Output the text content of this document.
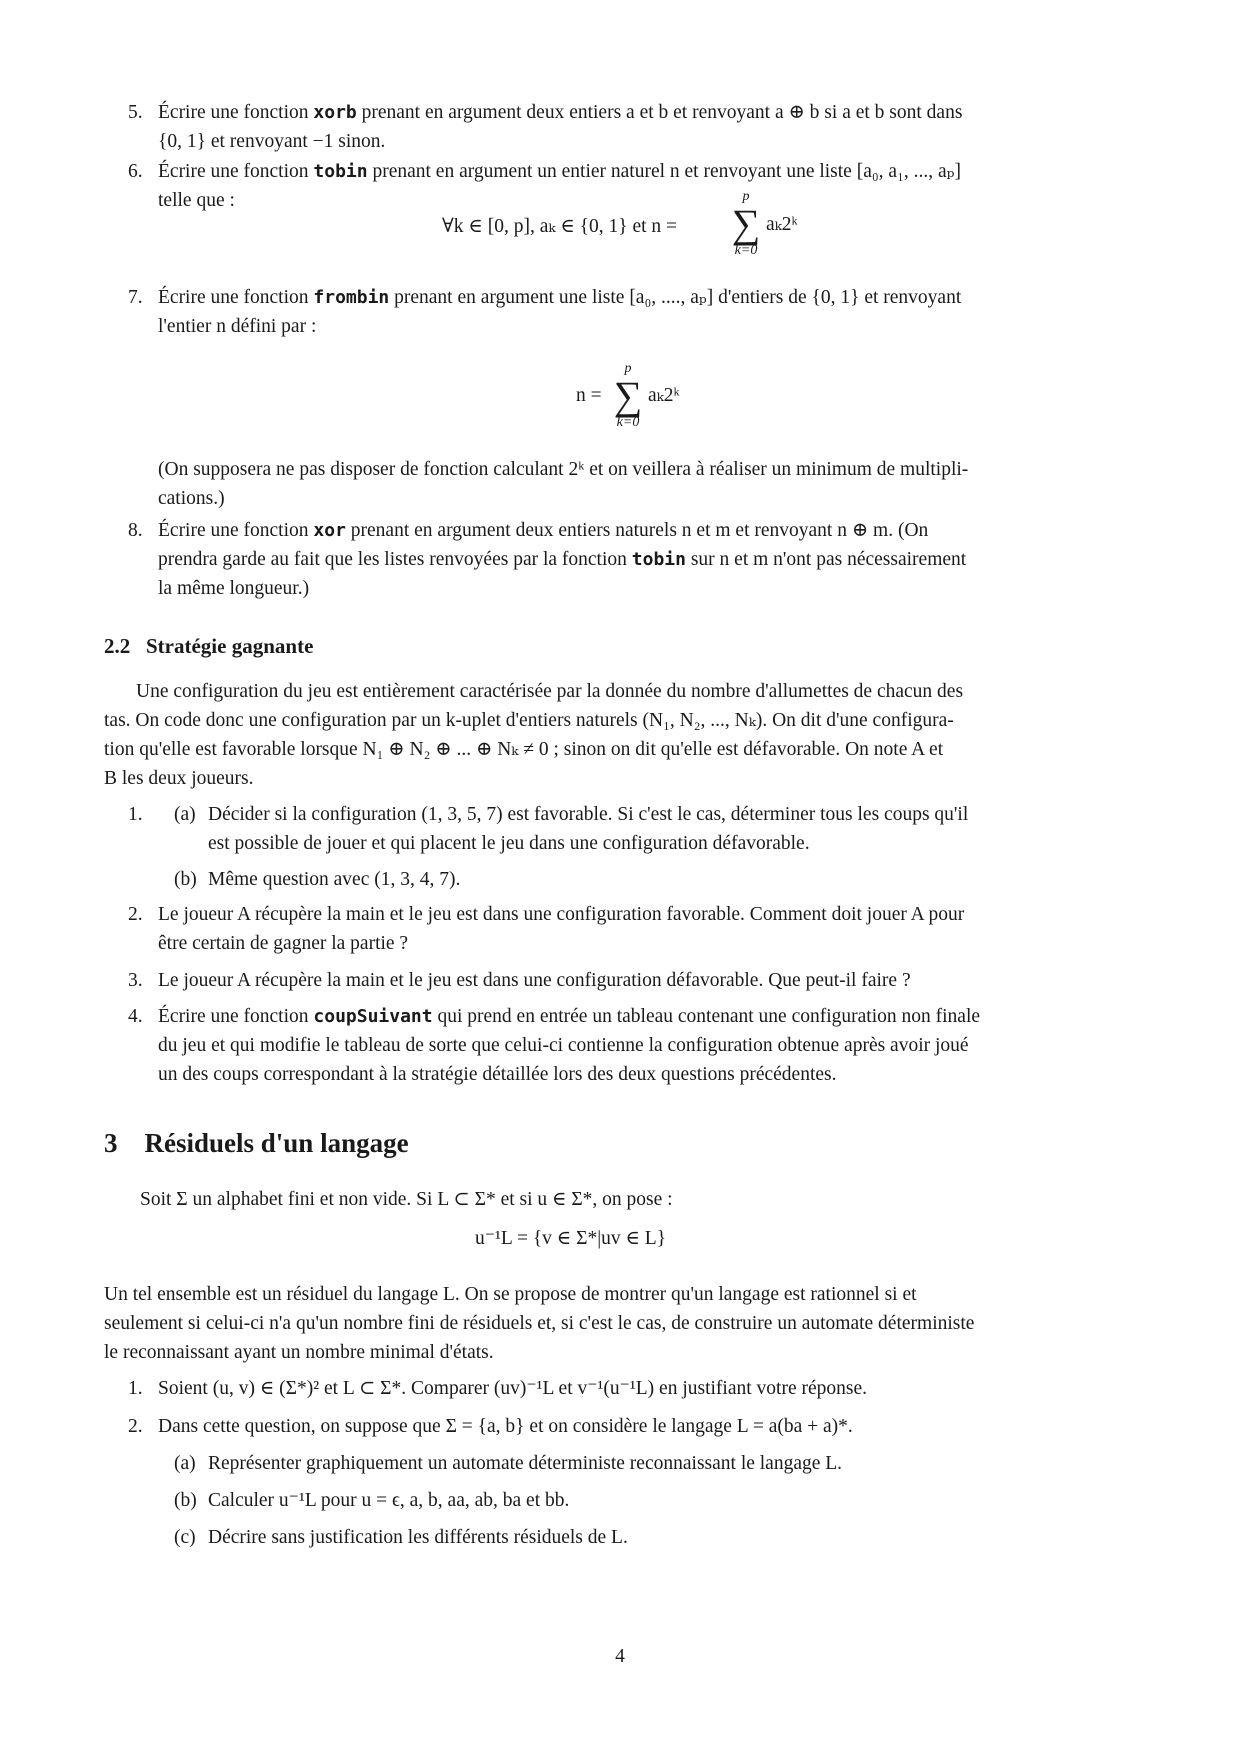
5. Écrire une fonction xorb prenant en argument deux entiers a et b et renvoyant a ⊕ b si a et b sont dans
{0, 1} et renvoyant −1 sinon.
6. Écrire une fonction tobin prenant en argument un entier naturel n et renvoyant une liste [a₀, a₁, ..., aₚ]
telle que :
∀k ∈ [0, p], aₖ ∈ {0, 1} et n =
p
∑
k=0
aₖ2ᵏ
7. Écrire une fonction frombin prenant en argument une liste [a₀, ...., aₚ] d'entiers de {0, 1} et renvoyant
l'entier n défini par :
n =
p
∑
k=0
aₖ2ᵏ
(On supposera ne pas disposer de fonction calculant 2ᵏ et on veillera à réaliser un minimum de multipli-
cations.)
8. Écrire une fonction xor prenant en argument deux entiers naturels n et m et renvoyant n ⊕ m. (On
prendra garde au fait que les listes renvoyées par la fonction tobin sur n et m n'ont pas nécessairement
la même longueur.)
2.2 Stratégie gagnante
Une configuration du jeu est entièrement caractérisée par la donnée du nombre d'allumettes de chacun des
tas. On code donc une configuration par un k-uplet d'entiers naturels (N₁, N₂, ..., Nₖ). On dit d'une configura-
tion qu'elle est favorable lorsque N₁ ⊕ N₂ ⊕ ... ⊕ Nₖ ≠ 0 ; sinon on dit qu'elle est défavorable. On note A et
B les deux joueurs.
1. (a) Décider si la configuration (1, 3, 5, 7) est favorable. Si c'est le cas, déterminer tous les coups qu'il
est possible de jouer et qui placent le jeu dans une configuration défavorable.
(b) Même question avec (1, 3, 4, 7).
2. Le joueur A récupère la main et le jeu est dans une configuration favorable. Comment doit jouer A pour
être certain de gagner la partie ?
3. Le joueur A récupère la main et le jeu est dans une configuration défavorable. Que peut-il faire ?
4. Écrire une fonction coupSuivant qui prend en entrée un tableau contenant une configuration non finale
du jeu et qui modifie le tableau de sorte que celui-ci contienne la configuration obtenue après avoir joué
un des coups correspondant à la stratégie détaillée lors des deux questions précédentes.
3 Résiduels d'un langage
Soit Σ un alphabet fini et non vide. Si L ⊂ Σ* et si u ∈ Σ*, on pose :
u⁻¹L = {v ∈ Σ*|uv ∈ L}
Un tel ensemble est un résiduel du langage L. On se propose de montrer qu'un langage est rationnel si et
seulement si celui-ci n'a qu'un nombre fini de résiduels et, si c'est le cas, de construire un automate déterministe
le reconnaissant ayant un nombre minimal d'états.
1. Soient (u, v) ∈ (Σ*)² et L ⊂ Σ*. Comparer (uv)⁻¹L et v⁻¹(u⁻¹L) en justifiant votre réponse.
2. Dans cette question, on suppose que Σ = {a, b} et on considère le langage L = a(ba + a)*.
(a) Représenter graphiquement un automate déterministe reconnaissant le langage L.
(b) Calculer u⁻¹L pour u = ϵ, a, b, aa, ab, ba et bb.
(c) Décrire sans justification les différents résiduels de L.
4
